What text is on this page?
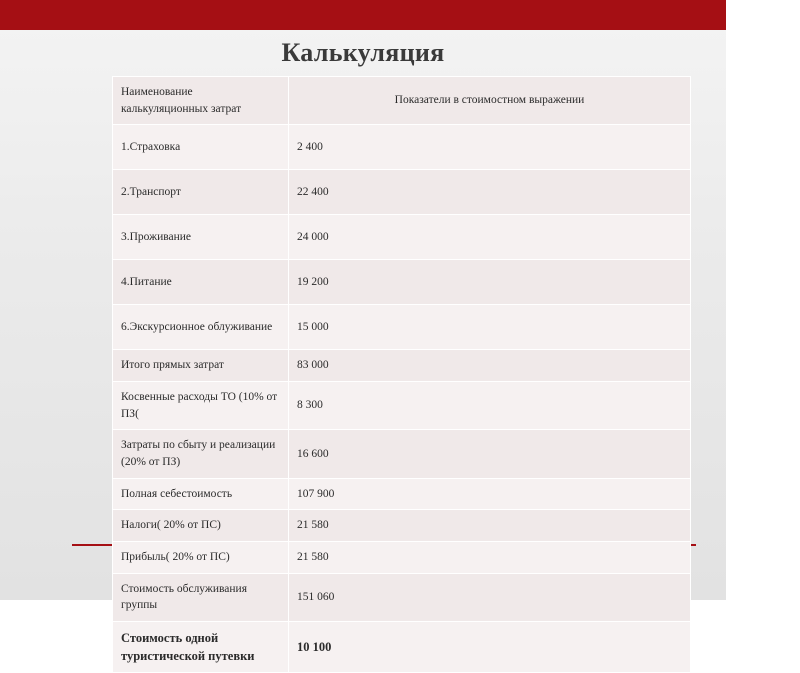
Калькуляция
Наименование калькуляционных затрат	Показатели в стоимостном выражении
1.Страховка	2 400
2.Транспорт	22 400
3.Проживание	24 000
4.Питание	19 200
6.Экскурсионное облуживание	15 000
Итого прямых затрат	83 000
Косвенные расходы ТО (10% от ПЗ(	8 300
Затраты по сбыту и реализации (20% от ПЗ)	16 600
Полная себестоимость	107 900
Налоги( 20% от ПС)	21 580
Прибыль( 20% от ПС)	21 580
Стоимость обслуживания группы	151 060
Стоимость одной туристической путевки	10 100
